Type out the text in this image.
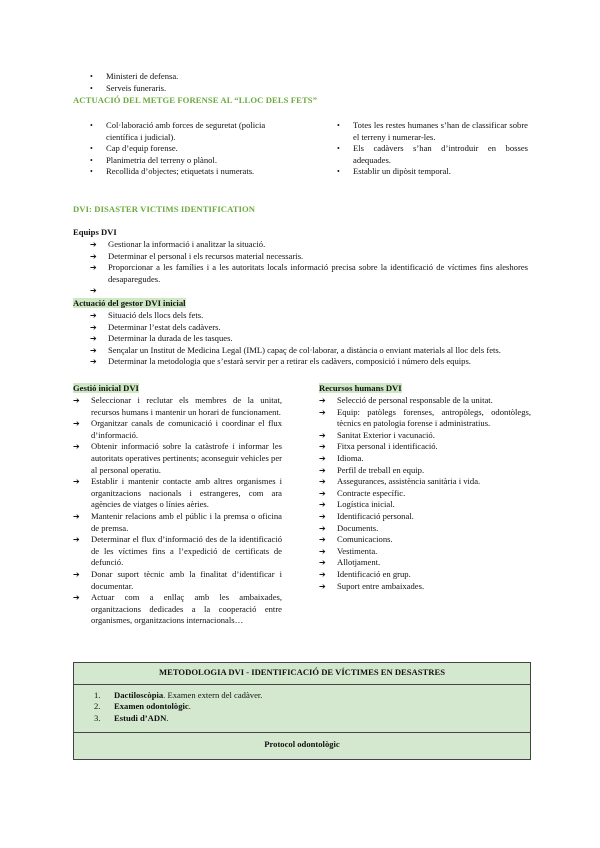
• Ministeri de defensa.
• Serveis funeraris.
ACTUACIÓ DEL METGE FORENSE AL “LLOC DELS FETS”
• Col·laboració amb forces de seguretat (policia científica i judicial).
• Cap d’equip forense.
• Planimetria del terreny o plànol.
• Recollida d’objectes; etiquetats i numerats.
• Totes les restes humanes s’han de classificar sobre el terreny i numerar-les.
• Els cadàvers s’han d’introduir en bosses adequades.
• Establir un dipòsit temporal.
DVI: DISASTER VICTIMS IDENTIFICATION
Equips DVI
➔ Gestionar la informació i analitzar la situació.
➔ Determinar el personal i els recursos material necessaris.
➔ Proporcionar a les famílies i a les autoritats locals informació precisa sobre la identificació de víctimes fins aleshores desaparegudes.
➔
Actuació del gestor DVI inicial
➔ Situació dels llocs dels fets.
➔ Determinar l’estat dels cadàvers.
➔ Determinar la durada de les tasques.
➔ Sençalar un Institut de Medicina Legal (IML) capaç de col·laborar, a distància o enviant materials al lloc dels fets.
➔ Determinar la metodologia que s’estarà servir per a retirar els cadàvers, composició i número dels equips.
Gestió inicial DVI
➔ Seleccionar i reclutar els membres de la unitat, recursos humans i mantenir un horari de funcionament.
➔ Organitzar canals de comunicació i coordinar el flux d’informació.
➔ Obtenir informació sobre la catàstrofe i informar les autoritats operatives pertinents; aconseguir vehicles per al personal operatiu.
➔ Establir i mantenir contacte amb altres organismes i organitzacions nacionals i estrangeres, com ara agències de viatges o línies aèries.
➔ Mantenir relacions amb el públic i la premsa o oficina de premsa.
➔ Determinar el flux d’informació des de la identificació de les víctimes fins a l’expedició de certificats de defunció.
➔ Donar suport tècnic amb la finalitat d’identificar i documentar.
➔ Actuar com a enllaç amb les ambaixades, organitzacions dedicades a la cooperació entre organismes, organitzacions internacionals…
Recursos humans DVI
➔ Selecció de personal responsable de la unitat.
➔ Equip: patòlegs forenses, antropòlegs, odontòlegs, tècnics en patologia forense i administratius.
➔ Sanitat Exterior i vacunació.
➔ Fitxa personal i identificació.
➔ Idioma.
➔ Perfil de treball en equip.
➔ Assegurances, assistència sanitària i vida.
➔ Contracte específic.
➔ Logística inicial.
➔ Identificació personal.
➔ Documents.
➔ Comunicacions.
➔ Vestimenta.
➔ Allotjament.
➔ Identificació en grup.
➔ Suport entre ambaixades.
METODOLOGIA DVI - IDENTIFICACIÓ DE VÍCTIMES EN DESASTRES
1. Dactiloscòpia. Examen extern del cadàver.
2. Examen odontològic.
3. Estudi d’ADN.
Protocol odontològic
